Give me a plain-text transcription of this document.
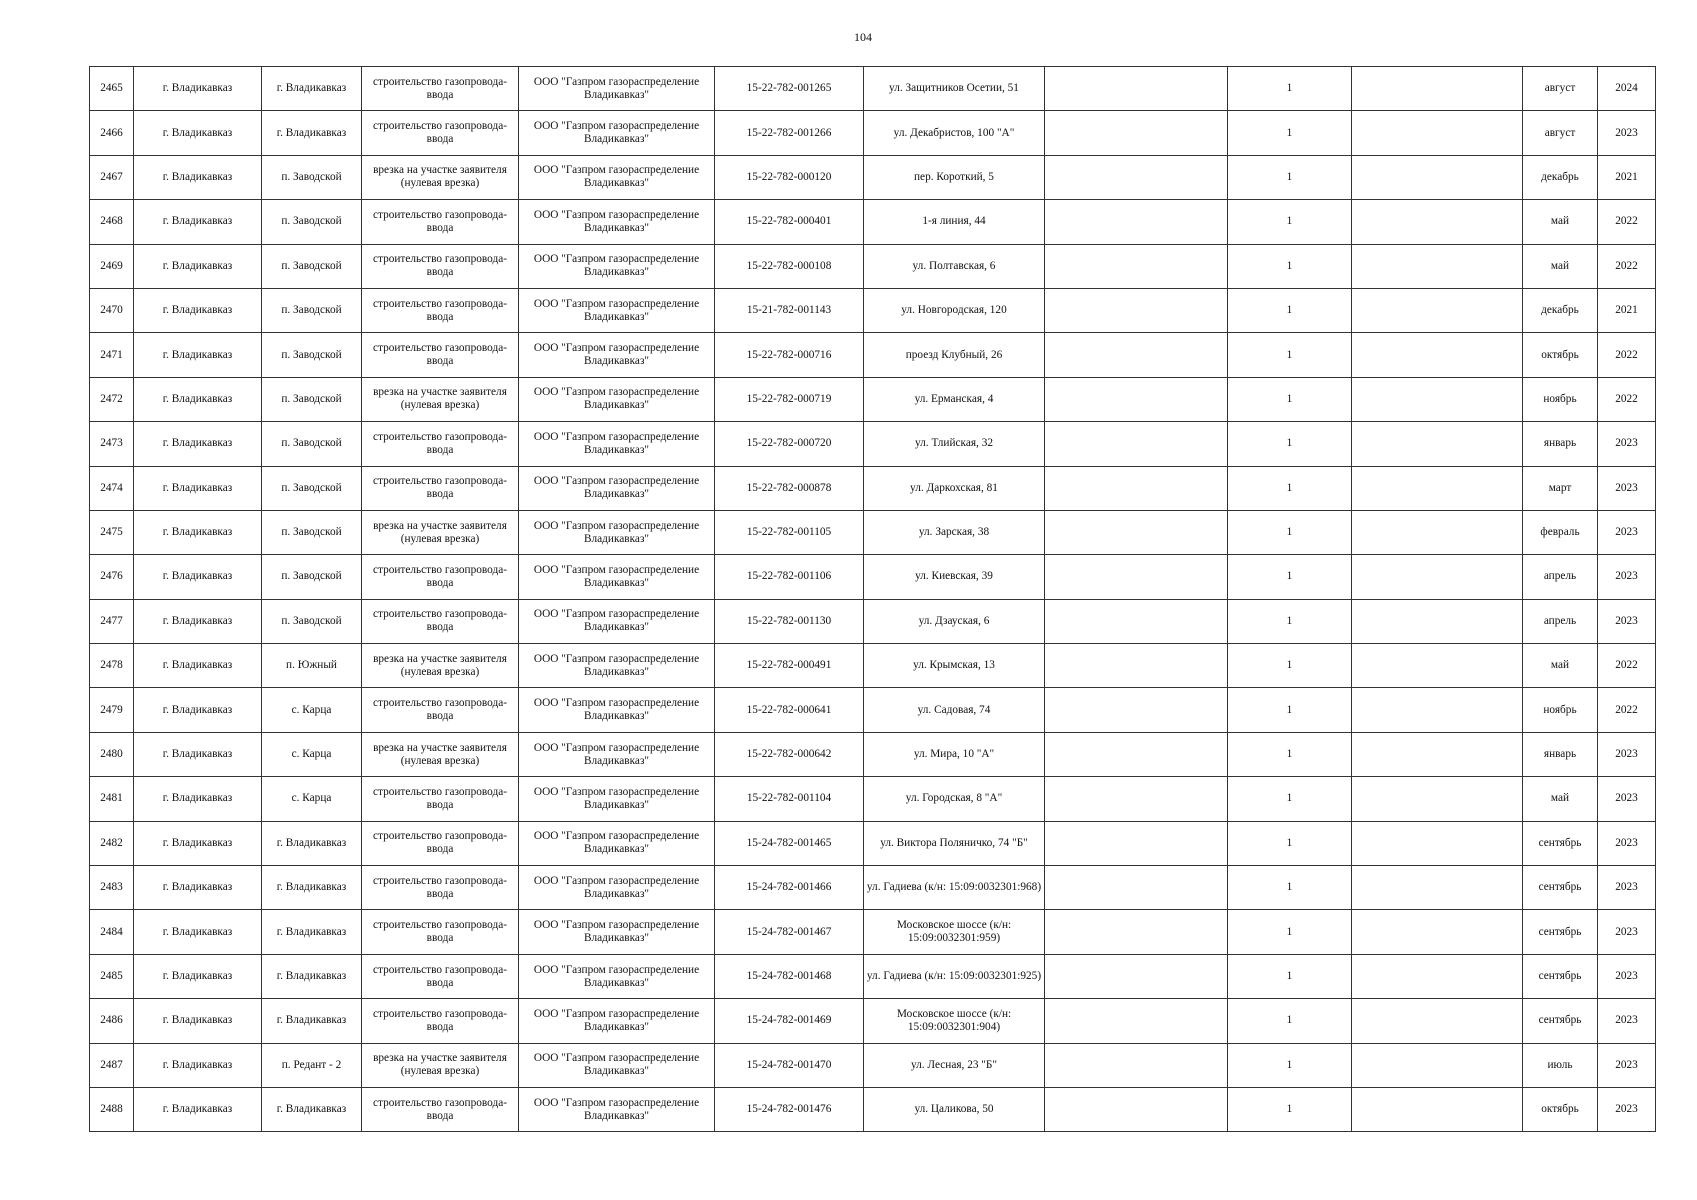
104
2465	г. Владикавказ	г. Владикавказ	строительство газопровода-ввода	ООО "Газпром газораспределение Владикавказ"	15-22-782-001265	ул. Защитников Осетии, 51		1		август	2024
2466	г. Владикавказ	г. Владикавказ	строительство газопровода-ввода	ООО "Газпром газораспределение Владикавказ"	15-22-782-001266	ул. Декабристов, 100 "А"		1		август	2023
2467	г. Владикавказ	п. Заводской	врезка на участке заявителя (нулевая врезка)	ООО "Газпром газораспределение Владикавказ"	15-22-782-000120	пер. Короткий, 5		1		декабрь	2021
2468	г. Владикавказ	п. Заводской	строительство газопровода-ввода	ООО "Газпром газораспределение Владикавказ"	15-22-782-000401	1-я линия, 44		1		май	2022
2469	г. Владикавказ	п. Заводской	строительство газопровода-ввода	ООО "Газпром газораспределение Владикавказ"	15-22-782-000108	ул. Полтавская, 6		1		май	2022
2470	г. Владикавказ	п. Заводской	строительство газопровода-ввода	ООО "Газпром газораспределение Владикавказ"	15-21-782-001143	ул. Новгородская, 120		1		декабрь	2021
2471	г. Владикавказ	п. Заводской	строительство газопровода-ввода	ООО "Газпром газораспределение Владикавказ"	15-22-782-000716	проезд Клубный, 26		1		октябрь	2022
2472	г. Владикавказ	п. Заводской	врезка на участке заявителя (нулевая врезка)	ООО "Газпром газораспределение Владикавказ"	15-22-782-000719	ул. Ерманская, 4		1		ноябрь	2022
2473	г. Владикавказ	п. Заводской	строительство газопровода-ввода	ООО "Газпром газораспределение Владикавказ"	15-22-782-000720	ул. Тлийская, 32		1		январь	2023
2474	г. Владикавказ	п. Заводской	строительство газопровода-ввода	ООО "Газпром газораспределение Владикавказ"	15-22-782-000878	ул. Даркохская, 81		1		март	2023
2475	г. Владикавказ	п. Заводской	врезка на участке заявителя (нулевая врезка)	ООО "Газпром газораспределение Владикавказ"	15-22-782-001105	ул. Зарская, 38		1		февраль	2023
2476	г. Владикавказ	п. Заводской	строительство газопровода-ввода	ООО "Газпром газораспределение Владикавказ"	15-22-782-001106	ул. Киевская, 39		1		апрель	2023
2477	г. Владикавказ	п. Заводской	строительство газопровода-ввода	ООО "Газпром газораспределение Владикавказ"	15-22-782-001130	ул. Дзауская, 6		1		апрель	2023
2478	г. Владикавказ	п. Южный	врезка на участке заявителя (нулевая врезка)	ООО "Газпром газораспределение Владикавказ"	15-22-782-000491	ул. Крымская, 13		1		май	2022
2479	г. Владикавказ	с. Карца	строительство газопровода-ввода	ООО "Газпром газораспределение Владикавказ"	15-22-782-000641	ул. Садовая, 74		1		ноябрь	2022
2480	г. Владикавказ	с. Карца	врезка на участке заявителя (нулевая врезка)	ООО "Газпром газораспределение Владикавказ"	15-22-782-000642	ул. Мира, 10 "А"		1		январь	2023
2481	г. Владикавказ	с. Карца	строительство газопровода-ввода	ООО "Газпром газораспределение Владикавказ"	15-22-782-001104	ул. Городская, 8 "А"		1		май	2023
2482	г. Владикавказ	г. Владикавказ	строительство газопровода-ввода	ООО "Газпром газораспределение Владикавказ"	15-24-782-001465	ул. Виктора Поляничко, 74 "Б"		1		сентябрь	2023
2483	г. Владикавказ	г. Владикавказ	строительство газопровода-ввода	ООО "Газпром газораспределение Владикавказ"	15-24-782-001466	ул. Гадиева (к/н: 15:09:0032301:968)		1		сентябрь	2023
2484	г. Владикавказ	г. Владикавказ	строительство газопровода-ввода	ООО "Газпром газораспределение Владикавказ"	15-24-782-001467	Московское шоссе (к/н: 15:09:0032301:959)		1		сентябрь	2023
2485	г. Владикавказ	г. Владикавказ	строительство газопровода-ввода	ООО "Газпром газораспределение Владикавказ"	15-24-782-001468	ул. Гадиева (к/н: 15:09:0032301:925)		1		сентябрь	2023
2486	г. Владикавказ	г. Владикавказ	строительство газопровода-ввода	ООО "Газпром газораспределение Владикавказ"	15-24-782-001469	Московское шоссе (к/н: 15:09:0032301:904)		1		сентябрь	2023
2487	г. Владикавказ	п. Редант - 2	врезка на участке заявителя (нулевая врезка)	ООО "Газпром газораспределение Владикавказ"	15-24-782-001470	ул. Лесная, 23 "Б"		1		июль	2023
2488	г. Владикавказ	г. Владикавказ	строительство газопровода-ввода	ООО "Газпром газораспределение Владикавказ"	15-24-782-001476	ул. Цаликова, 50		1		октябрь	2023
